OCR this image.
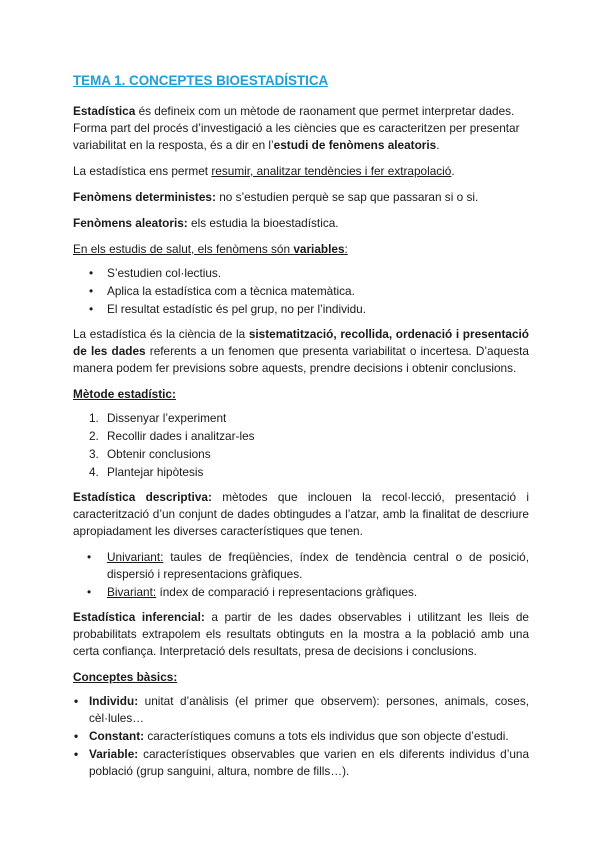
TEMA 1. CONCEPTES BIOESTADÍSTICA

Estadística és defineix com un mètode de raonament que permet interpretar dades. Forma part del procés d’investigació a les ciències que es caracteritzen per presentar variabilitat en la resposta, és a dir en l’estudi de fenòmens aleatoris.

La estadística ens permet resumir, analitzar tendències i fer extrapolació.

Fenòmens deterministes: no s’estudien perquè se sap que passaran si o si.

Fenòmens aleatoris: els estudia la bioestadística.

En els estudis de salut, els fenòmens són variables:

• S’estudien col·lectius.
• Aplica la estadística com a tècnica matemàtica.
• El resultat estadístic és pel grup, no per l’individu.

La estadística és la ciència de la sistematització, recollida, ordenació i presentació de les dades referents a un fenomen que presenta variabilitat o incertesa. D’aquesta manera podem fer previsions sobre aquests, prendre decisions i obtenir conclusions.

Mètode estadístic:

1. Dissenyar l’experiment
2. Recollir dades i analitzar-les
3. Obtenir conclusions
4. Plantejar hipòtesis

Estadística descriptiva: mètodes que inclouen la recol·lecció, presentació i caracterització d’un conjunt de dades obtingudes a l’atzar, amb la finalitat de descriure apropiadament les diverses característiques que tenen.

• Univariant: taules de freqüències, índex de tendència central o de posició, dispersió i representacions gràfiques.
• Bivariant: índex de comparació i representacions gràfiques.

Estadística inferencial: a partir de les dades observables i utilitzant les lleis de probabilitats extrapolem els resultats obtinguts en la mostra a la població amb una certa confiança. Interpretació dels resultats, presa de decisions i conclusions.

Conceptes bàsics:

• Individu: unitat d’anàlisis (el primer que observem): persones, animals, coses, cèl·lules…
• Constant: característiques comuns a tots els individus que son objecte d’estudi.
• Variable: característiques observables que varien en els diferents individus d’una població (grup sanguini, altura, nombre de fills…).
